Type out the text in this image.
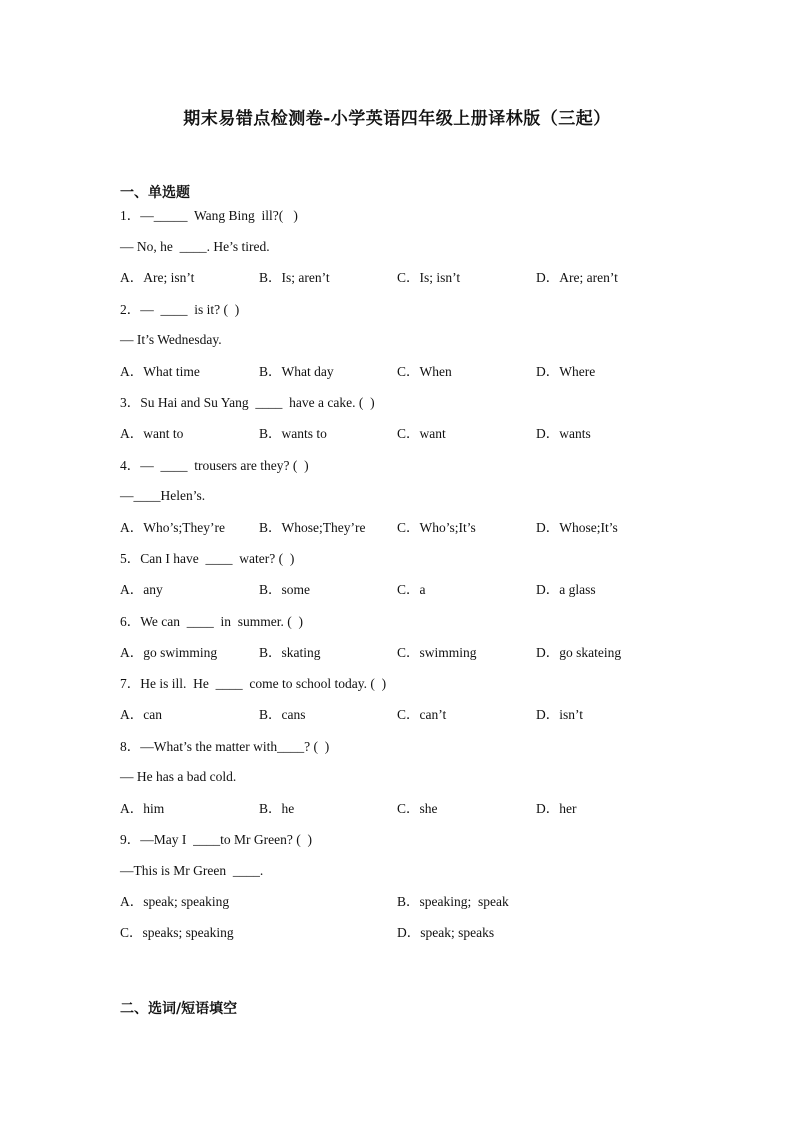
期末易错点检测卷-小学英语四年级上册译林版（三起）
一、单选题
1．—_____  Wang Bing  ill?(   )
— No, he  ____. He’s tired.
A．Are; isn’t	B．Is; aren’t	C．Is; isn’t	D．Are; aren’t
2．—  ____  is it? (  )
— It’s Wednesday.
A．What time	B．What day	C．When	D．Where
3．Su Hai and Su Yang  ____  have a cake. (  )
A．want to	B．wants to	C．want	D．wants
4．—  ____  trousers are they? (  )
—____Helen’s.
A．Who’s;They’re	B．Whose;They’re C．Who’s;It’s	D．Whose;It’s
5．Can I have  ____  water? (  )
A．any	B．some	C．a	D．a glass
6．We can  ____  in  summer. (  )
A．go swimming	B．skating	C．swimming	D．go skateing
7．He is ill.  He  ____  come to school today. (  )
A．can	B．cans	C．can’t	D．isn’t
8．—What’s the matter with____? (  )
— He has a bad cold.
A．him	B．he	C．she	D．her
9．—May I  ____to Mr Green? (  )
—This is Mr Green  ____.
A．speak; speaking	B．speaking;  speak
C．speaks; speaking	D．speak; speaks
二、选词/短语填空
